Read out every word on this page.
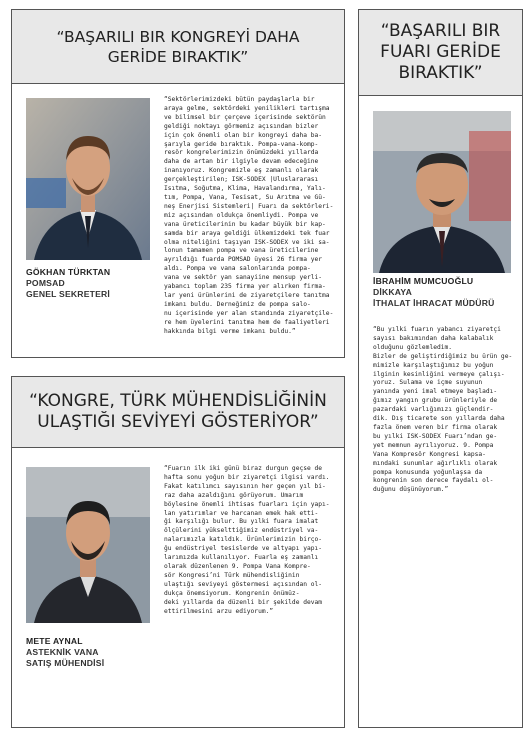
“BAŞARILI BIR KONGREYİ DAHA
GERİDE BIRAKTIK”
GÖKHAN TÜRKTAN
POMSAD
GENEL SEKRETERİ
“Sektörlerimizdeki bütün paydaşlarla bir
araya gelme, sektördeki yenilikleri tartışma
ve bilimsel bir çerçeve içerisinde sektörün
geldiği noktayı görmemiz açısından bizler
için çok önemli olan bir kongreyi daha ba-
şarıyla geride bıraktık. Pompa-vana-komp-
resör kongrelerimizin önümüzdeki yıllarda
daha de artan bir ilgiyle devam edeceğine
inanıyoruz. Kongremizle eş zamanlı olarak
gerçekleştirilen; ISK-SODEX |Uluslararası
Isıtma, Soğutma, Klima, Havalandırma, Yalı-
tım, Pompa, Vana, Tesisat, Su Arıtma ve Gü-
neş Enerjisi Sistemleri| Fuarı da sektörleri-
miz açısından oldukça önemliydi. Pompa ve
vana üreticilerinin bu kadar büyük bir kap-
samda bir araya geldiği ülkemizdeki tek fuar
olma niteliğini taşıyan ISK-SODEX ve iki sa-
lonun tamamen pompa ve vana üreticilerine
ayrıldığı fuarda POMSAD üyesi 26 firma yer
aldı. Pompa ve vana salonlarında pompa-
vana ve sektör yan sanayiine mensup yerli-
yabancı toplam 235 firma yer alırken firma-
lar yeni ürünlerini de ziyaretçilere tanıtma
imkanı buldu. Derneğimiz de pompa salo-
nu içerisinde yer alan standında ziyaretçile-
re hem üyelerini tanıtma hem de faaliyetleri
hakkında bilgi verme imkanı buldu.”
“BAŞARILI BIR
FUARI GERİDE
BIRAKTIK”
İBRAHİM MUMCUOĞLU
DİKKAYA
İTHALAT İHRACAT MÜDÜRÜ
“Bu yılki fuarın yabancı ziyaretçi
sayısı bakımından daha kalabalık
olduğunu gözlemledim.
Bizler de geliştirdiğimiz bu ürün ge-
mimizle karşılaştığımız bu yoğun
ilginin kesinliğini vermeye çalışı-
yoruz. Sulama ve içme suyunun
yanında yeni imal etmeye başladı-
ğımız yangın grubu ürünleriyle de
pazardaki varlığımızı güçlendir-
dik. Dış ticarete son yıllarda daha
fazla önem veren bir firma olarak
bu yılki ISK-SODEX Fuarı’ndan ge-
yet memnun ayrılıyoruz. 9. Pompa
Vana Kompresör Kongresi kapsa-
mındaki sunumlar ağırlıklı olarak
pompa konusunda yoğunlaşsa da
kongrenin son derece faydalı ol-
duğunu düşünüyorum.”
“KONGRE, TÜRK MÜHENDİSLİĞİNİN
ULAŞTIĞI SEVİYEYİ GÖSTERİYOR”
METE AYNAL
ASTEKNİK VANA
SATIŞ MÜHENDİSİ
“Fuarın ilk iki günü biraz durgun geçse de
hafta sonu yoğun bir ziyaretçi ilgisi vardı.
Fakat katılımcı sayısının her geçen yıl bi-
raz daha azaldığını görüyorum. Umarım
böylesine önemli ihtisas fuarları için yapı-
lan yatırımlar ve harcanan emek hak etti-
ği karşılığı bulur. Bu yılki fuara imalat
ölçülerini yükselttiğimiz endüstriyel va-
nalarımızla katıldık. Ürünlerimizin birço-
ğu endüstriyel tesislerde ve altyapı yapı-
larımızda kullanılıyor. Fuarla eş zamanlı
olarak düzenlenen 9. Pompa Vana Kompre-
sör Kongresi’ni Türk mühendisliğinin
ulaştığı seviyeyi göstermesi açısından ol-
dukça önemsiyorum. Kongrenin önümüz-
deki yıllarda da düzenli bir şekilde devam
ettirilmesini arzu ediyorum.”
